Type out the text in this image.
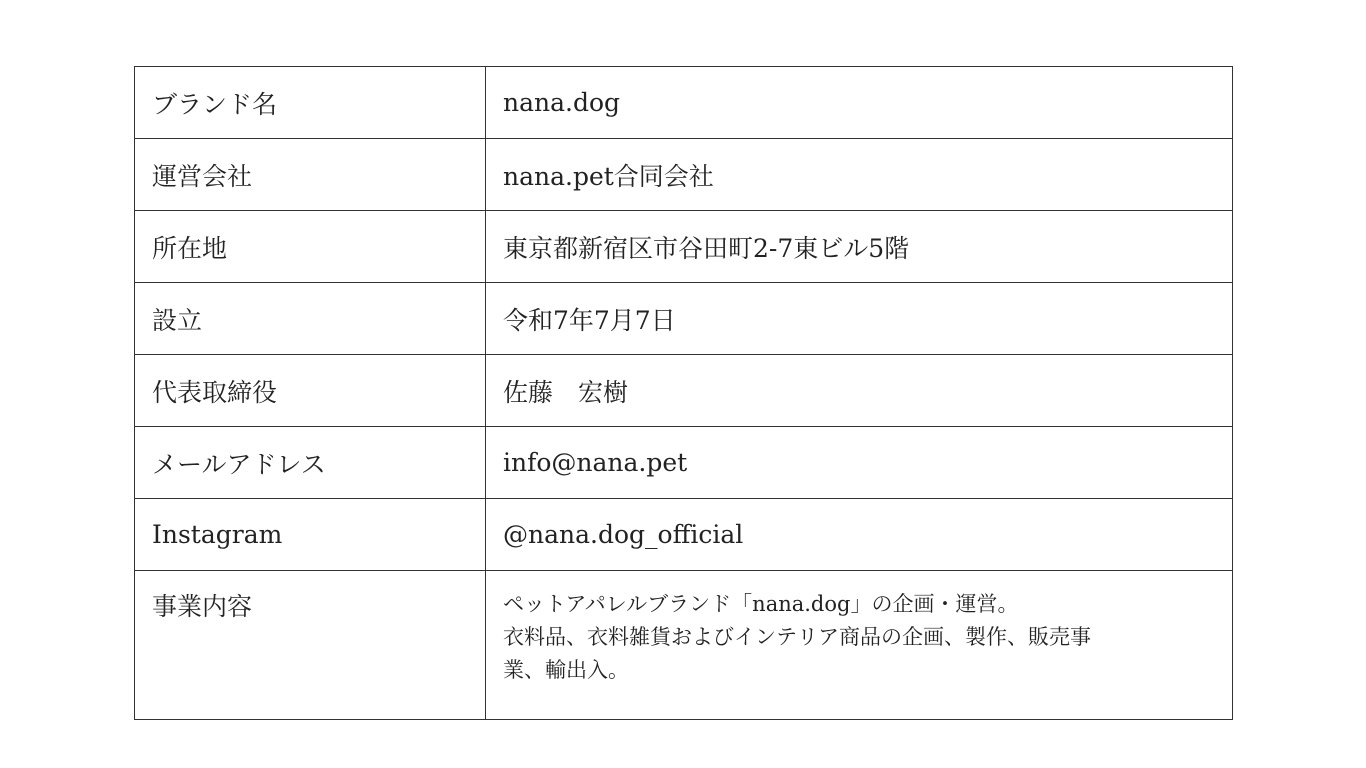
ブランド名	nana.dog
運営会社	nana.pet合同会社
所在地	東京都新宿区市谷田町2-7東ビル5階
設立	令和7年7月7日
代表取締役	佐藤　宏樹
メールアドレス	info@nana.pet
Instagram	@nana.dog_official
事業内容	ペットアパレルブランド「nana.dog」の企画・運営。
衣料品、衣料雑貨およびインテリア商品の企画、製作、販売事
業、輸出入。
